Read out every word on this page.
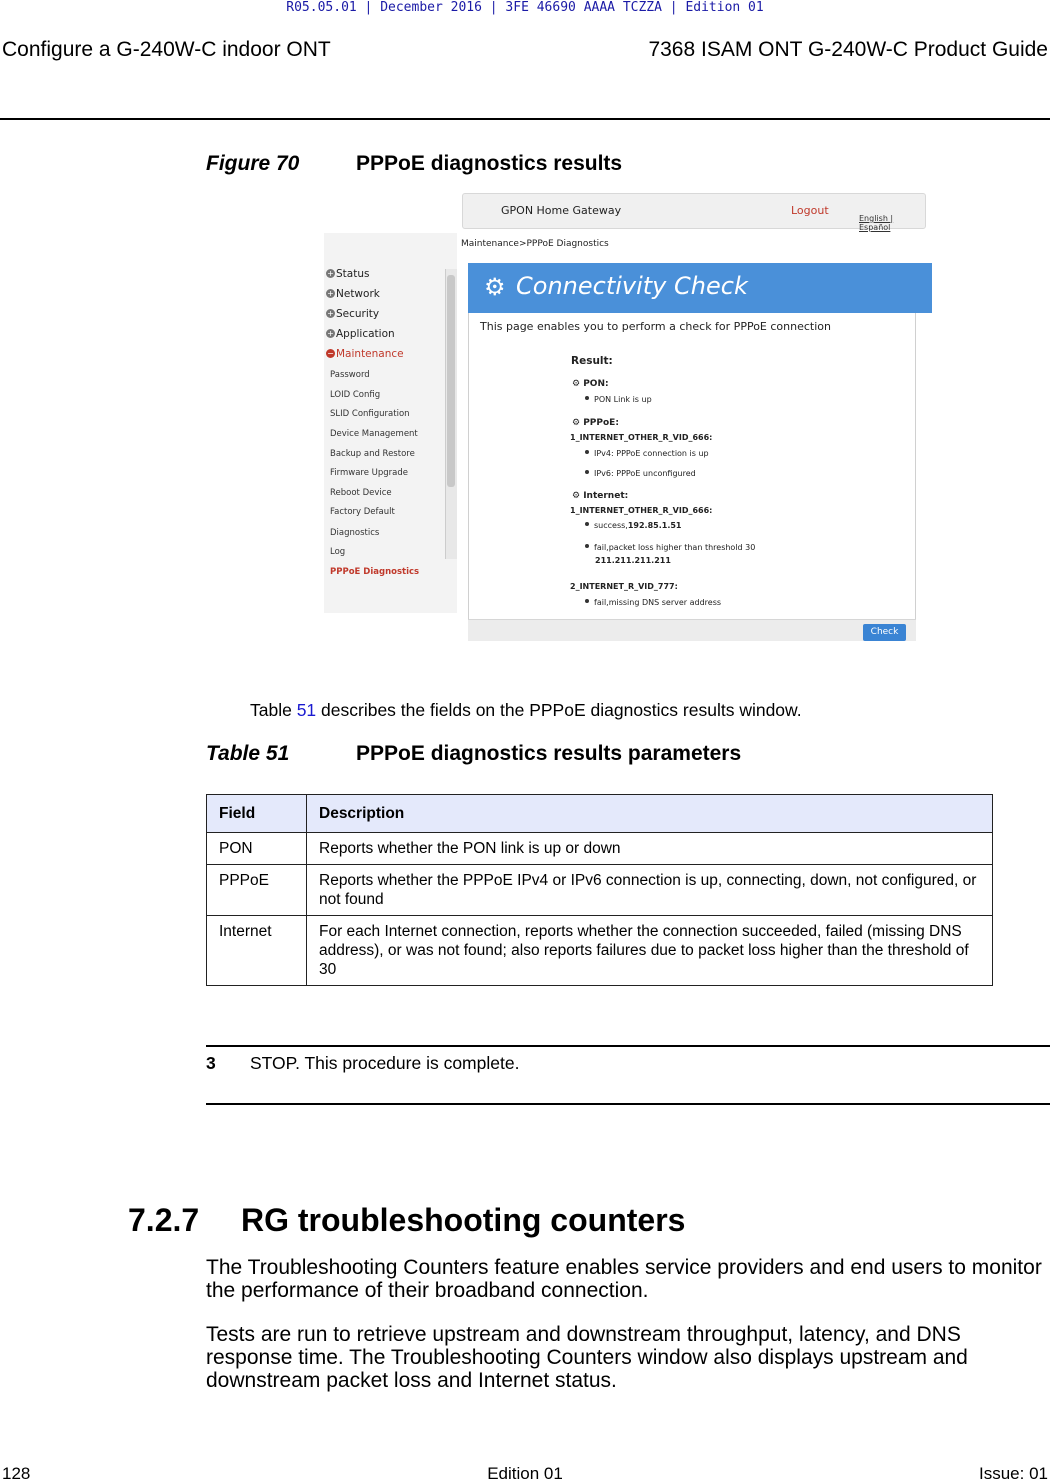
R05.05.01 | December 2016 | 3FE 46690 AAAA TCZZA | Edition 01
Configure a G-240W-C indoor ONT	7368 ISAM ONT G-240W-C Product Guide
Figure 70	PPPoE diagnostics results
GPON Home Gateway	Logout
English | Español
Maintenance>PPPoE Diagnostics
+ Status
+ Network
+ Security
+ Application
− Maintenance
Password
LOID Config
SLID Configuration
Device Management
Backup and Restore
Firmware Upgrade
Reboot Device
Factory Default
Diagnostics
Log
PPPoE Diagnostics
⚙ Connectivity Check
This page enables you to perform a check for PPPoE connection
Result:
⚙ PON:
PON Link is up
⚙ PPPoE:
1_INTERNET_OTHER_R_VID_666:
IPv4: PPPoE connection is up
IPv6: PPPoE unconfigured
⚙ Internet:
1_INTERNET_OTHER_R_VID_666:
success,192.85.1.51
fail,packet loss higher than threshold 30
211.211.211.211
2_INTERNET_R_VID_777:
fail,missing DNS server address
Check
Table 51 describes the fields on the PPPoE diagnostics results window.
Table 51	PPPoE diagnostics results parameters
Field	Description
PON	Reports whether the PON link is up or down
PPPoE	Reports whether the PPPoE IPv4 or IPv6 connection is up, connecting, down, not configured, or not found
Internet	For each Internet connection, reports whether the connection succeeded, failed (missing DNS address), or was not found; also reports failures due to packet loss higher than the threshold of 30
3 STOP. This procedure is complete.
7.2.7 RG troubleshooting counters
The Troubleshooting Counters feature enables service providers and end users to monitor the performance of their broadband connection.
Tests are run to retrieve upstream and downstream throughput, latency, and DNS response time. The Troubleshooting Counters window also displays upstream and downstream packet loss and Internet status.
Edition 01
128	Issue: 01
